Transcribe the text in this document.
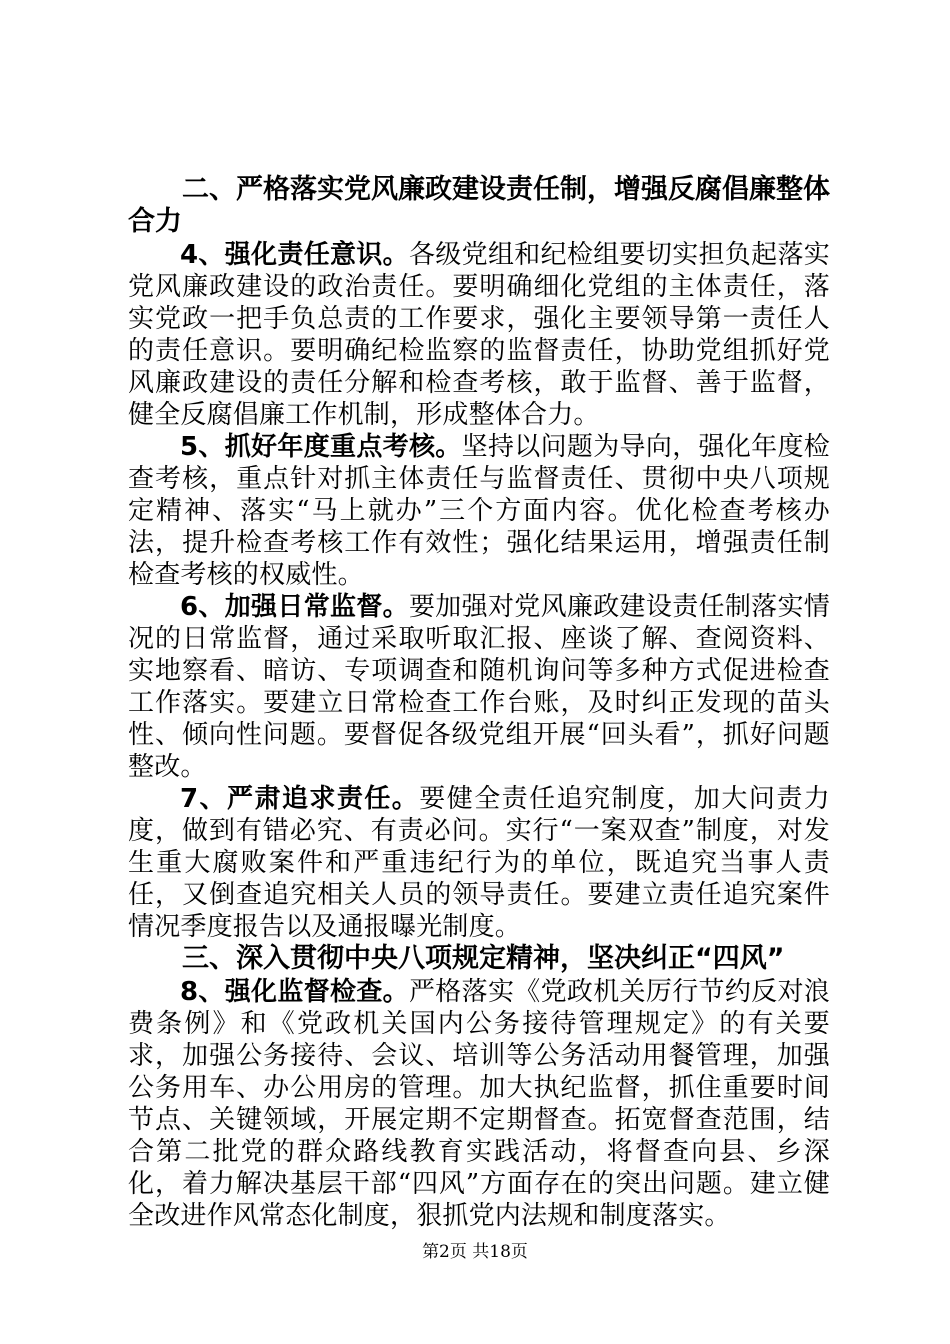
二、严格落实党风廉政建设责任制，增强反腐倡廉整体合力

4、强化责任意识。各级党组和纪检组要切实担负起落实党风廉政建设的政治责任。要明确细化党组的主体责任，落实党政一把手负总责的工作要求，强化主要领导第一责任人的责任意识。要明确纪检监察的监督责任，协助党组抓好党风廉政建设的责任分解和检查考核，敢于监督、善于监督，健全反腐倡廉工作机制，形成整体合力。

5、抓好年度重点考核。坚持以问题为导向，强化年度检查考核，重点针对抓主体责任与监督责任、贯彻中央八项规定精神、落实“马上就办”三个方面内容。优化检查考核办法，提升检查考核工作有效性；强化结果运用，增强责任制检查考核的权威性。

6、加强日常监督。要加强对党风廉政建设责任制落实情况的日常监督，通过采取听取汇报、座谈了解、查阅资料、实地察看、暗访、专项调查和随机询问等多种方式促进检查工作落实。要建立日常检查工作台账，及时纠正发现的苗头性、倾向性问题。要督促各级党组开展“回头看”，抓好问题整改。

7、严肃追求责任。要健全责任追究制度，加大问责力度，做到有错必究、有责必问。实行“一案双查”制度，对发生重大腐败案件和严重违纪行为的单位，既追究当事人责任，又倒查追究相关人员的领导责任。要建立责任追究案件情况季度报告以及通报曝光制度。

三、深入贯彻中央八项规定精神，坚决纠正“四风”

8、强化监督检查。严格落实《党政机关厉行节约反对浪费条例》和《党政机关国内公务接待管理规定》的有关要求，加强公务接待、会议、培训等公务活动用餐管理，加强公务用车、办公用房的管理。加大执纪监督，抓住重要时间节点、关键领域，开展定期不定期督查。拓宽督查范围，结合第二批党的群众路线教育实践活动，将督查向县、乡深化，着力解决基层干部“四风”方面存在的突出问题。建立健全改进作风常态化制度，狠抓党内法规和制度落实。

第2页 共18页
